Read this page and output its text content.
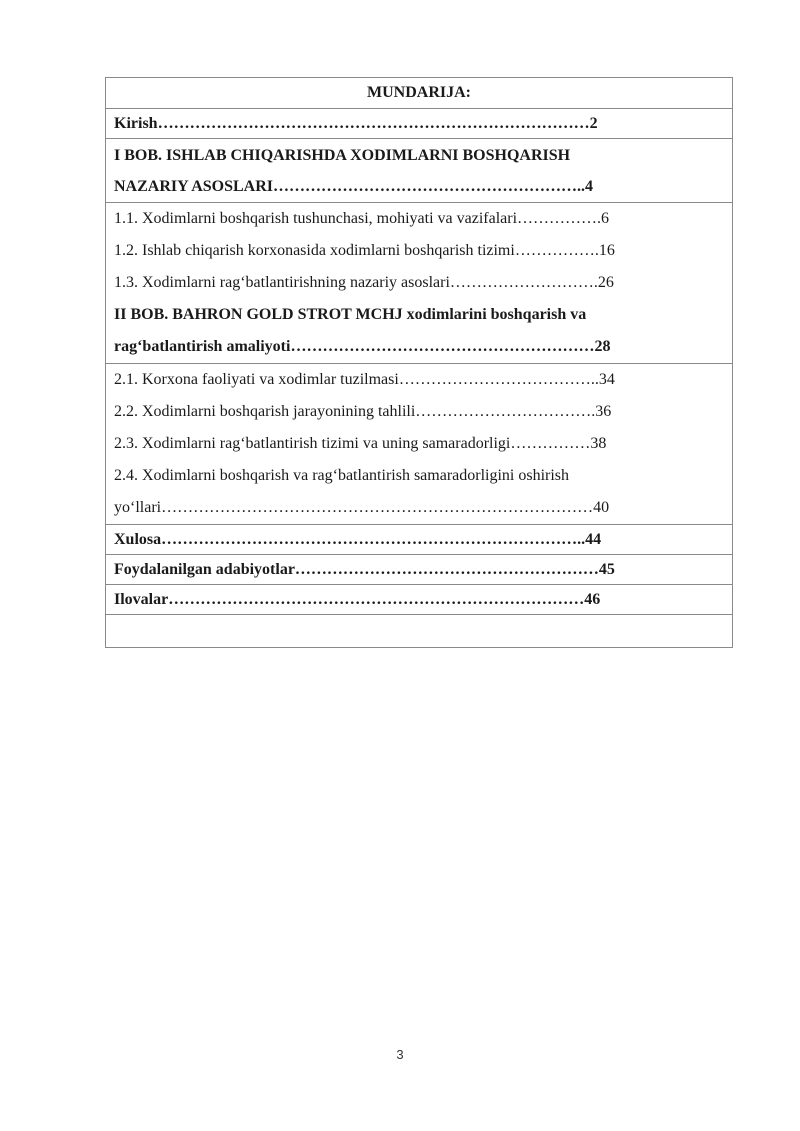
MUNDARIJA:
Kirish………………………………………………………………………2
I BOB. ISHLAB CHIQARISHDA XODIMLARNI BOSHQARISH
NAZARIY ASOSLARI…………………………………………………..4
1.1. Xodimlarni boshqarish tushunchasi, mohiyati va vazifalari…………….6
1.2. Ishlab chiqarish korxonasida xodimlarni boshqarish tizimi…………….16
1.3. Xodimlarni rag‘batlantirishning nazariy asoslari……………………….26
II BOB. BAHRON GOLD STROT MCHJ xodimlarini boshqarish va
rag‘batlantirish amaliyoti…………………………………………………28
2.1. Korxona faoliyati va xodimlar tuzilmasi………………………………..34
2.2. Xodimlarni boshqarish jarayonining tahlili…………………………….36
2.3. Xodimlarni rag‘batlantirish tizimi va uning samaradorligi……………38
2.4. Xodimlarni boshqarish va rag‘batlantirish samaradorligini oshirish
yo‘llari………………………………………………………………………40
Xulosa……………………………………………………………………..44
Foydalanilgan adabiyotlar…………………………………………………45
Ilovalar……………………………………………………………………46
3
